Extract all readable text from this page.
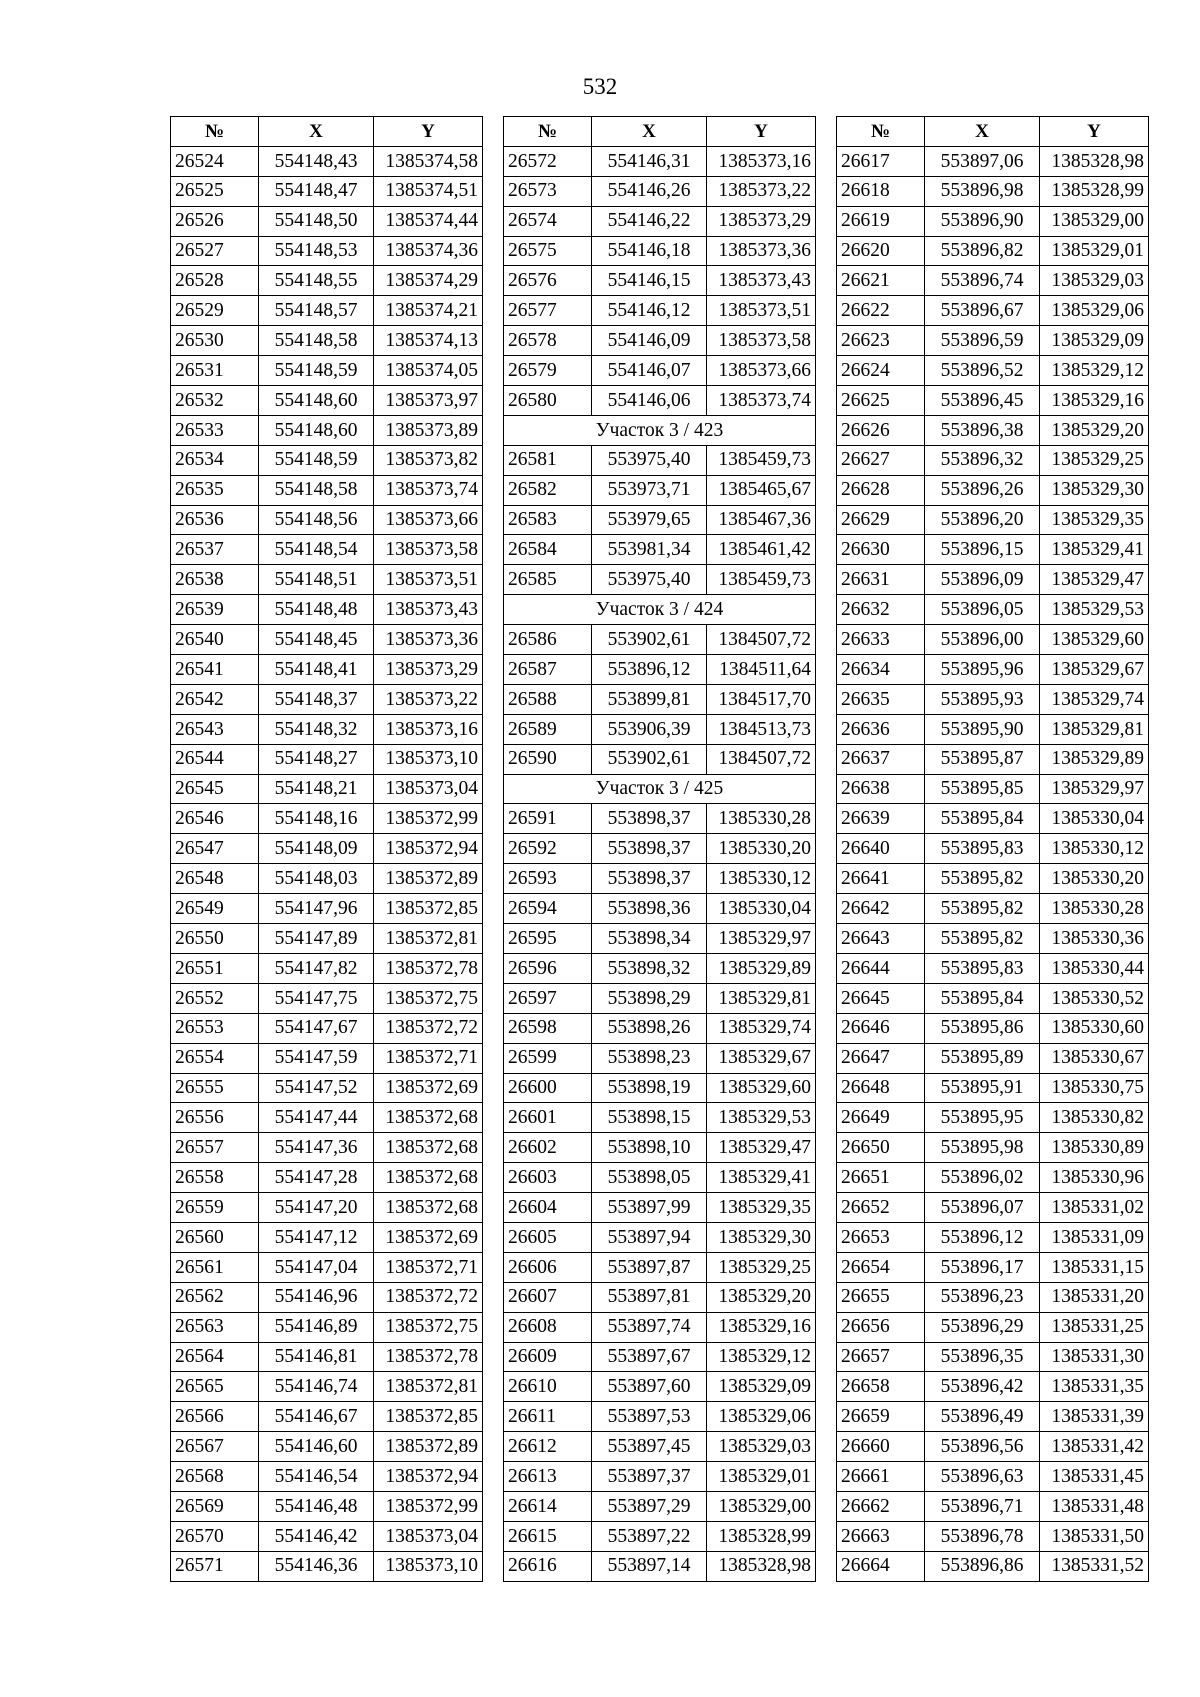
532
№	X	Y
26524	554148,43	1385374,58
26525	554148,47	1385374,51
26526	554148,50	1385374,44
26527	554148,53	1385374,36
26528	554148,55	1385374,29
26529	554148,57	1385374,21
26530	554148,58	1385374,13
26531	554148,59	1385374,05
26532	554148,60	1385373,97
26533	554148,60	1385373,89
26534	554148,59	1385373,82
26535	554148,58	1385373,74
26536	554148,56	1385373,66
26537	554148,54	1385373,58
26538	554148,51	1385373,51
26539	554148,48	1385373,43
26540	554148,45	1385373,36
26541	554148,41	1385373,29
26542	554148,37	1385373,22
26543	554148,32	1385373,16
26544	554148,27	1385373,10
26545	554148,21	1385373,04
26546	554148,16	1385372,99
26547	554148,09	1385372,94
26548	554148,03	1385372,89
26549	554147,96	1385372,85
26550	554147,89	1385372,81
26551	554147,82	1385372,78
26552	554147,75	1385372,75
26553	554147,67	1385372,72
26554	554147,59	1385372,71
26555	554147,52	1385372,69
26556	554147,44	1385372,68
26557	554147,36	1385372,68
26558	554147,28	1385372,68
26559	554147,20	1385372,68
26560	554147,12	1385372,69
26561	554147,04	1385372,71
26562	554146,96	1385372,72
26563	554146,89	1385372,75
26564	554146,81	1385372,78
26565	554146,74	1385372,81
26566	554146,67	1385372,85
26567	554146,60	1385372,89
26568	554146,54	1385372,94
26569	554146,48	1385372,99
26570	554146,42	1385373,04
26571	554146,36	1385373,10
№	X	Y
26572	554146,31	1385373,16
26573	554146,26	1385373,22
26574	554146,22	1385373,29
26575	554146,18	1385373,36
26576	554146,15	1385373,43
26577	554146,12	1385373,51
26578	554146,09	1385373,58
26579	554146,07	1385373,66
26580	554146,06	1385373,74
Участок 3 / 423		
26581	553975,40	1385459,73
26582	553973,71	1385465,67
26583	553979,65	1385467,36
26584	553981,34	1385461,42
26585	553975,40	1385459,73
Участок 3 / 424		
26586	553902,61	1384507,72
26587	553896,12	1384511,64
26588	553899,81	1384517,70
26589	553906,39	1384513,73
26590	553902,61	1384507,72
Участок 3 / 425		
26591	553898,37	1385330,28
26592	553898,37	1385330,20
26593	553898,37	1385330,12
26594	553898,36	1385330,04
26595	553898,34	1385329,97
26596	553898,32	1385329,89
26597	553898,29	1385329,81
26598	553898,26	1385329,74
26599	553898,23	1385329,67
26600	553898,19	1385329,60
26601	553898,15	1385329,53
26602	553898,10	1385329,47
26603	553898,05	1385329,41
26604	553897,99	1385329,35
26605	553897,94	1385329,30
26606	553897,87	1385329,25
26607	553897,81	1385329,20
26608	553897,74	1385329,16
26609	553897,67	1385329,12
26610	553897,60	1385329,09
26611	553897,53	1385329,06
26612	553897,45	1385329,03
26613	553897,37	1385329,01
26614	553897,29	1385329,00
26615	553897,22	1385328,99
26616	553897,14	1385328,98
№	X	Y
26617	553897,06	1385328,98
26618	553896,98	1385328,99
26619	553896,90	1385329,00
26620	553896,82	1385329,01
26621	553896,74	1385329,03
26622	553896,67	1385329,06
26623	553896,59	1385329,09
26624	553896,52	1385329,12
26625	553896,45	1385329,16
26626	553896,38	1385329,20
26627	553896,32	1385329,25
26628	553896,26	1385329,30
26629	553896,20	1385329,35
26630	553896,15	1385329,41
26631	553896,09	1385329,47
26632	553896,05	1385329,53
26633	553896,00	1385329,60
26634	553895,96	1385329,67
26635	553895,93	1385329,74
26636	553895,90	1385329,81
26637	553895,87	1385329,89
26638	553895,85	1385329,97
26639	553895,84	1385330,04
26640	553895,83	1385330,12
26641	553895,82	1385330,20
26642	553895,82	1385330,28
26643	553895,82	1385330,36
26644	553895,83	1385330,44
26645	553895,84	1385330,52
26646	553895,86	1385330,60
26647	553895,89	1385330,67
26648	553895,91	1385330,75
26649	553895,95	1385330,82
26650	553895,98	1385330,89
26651	553896,02	1385330,96
26652	553896,07	1385331,02
26653	553896,12	1385331,09
26654	553896,17	1385331,15
26655	553896,23	1385331,20
26656	553896,29	1385331,25
26657	553896,35	1385331,30
26658	553896,42	1385331,35
26659	553896,49	1385331,39
26660	553896,56	1385331,42
26661	553896,63	1385331,45
26662	553896,71	1385331,48
26663	553896,78	1385331,50
26664	553896,86	1385331,52
